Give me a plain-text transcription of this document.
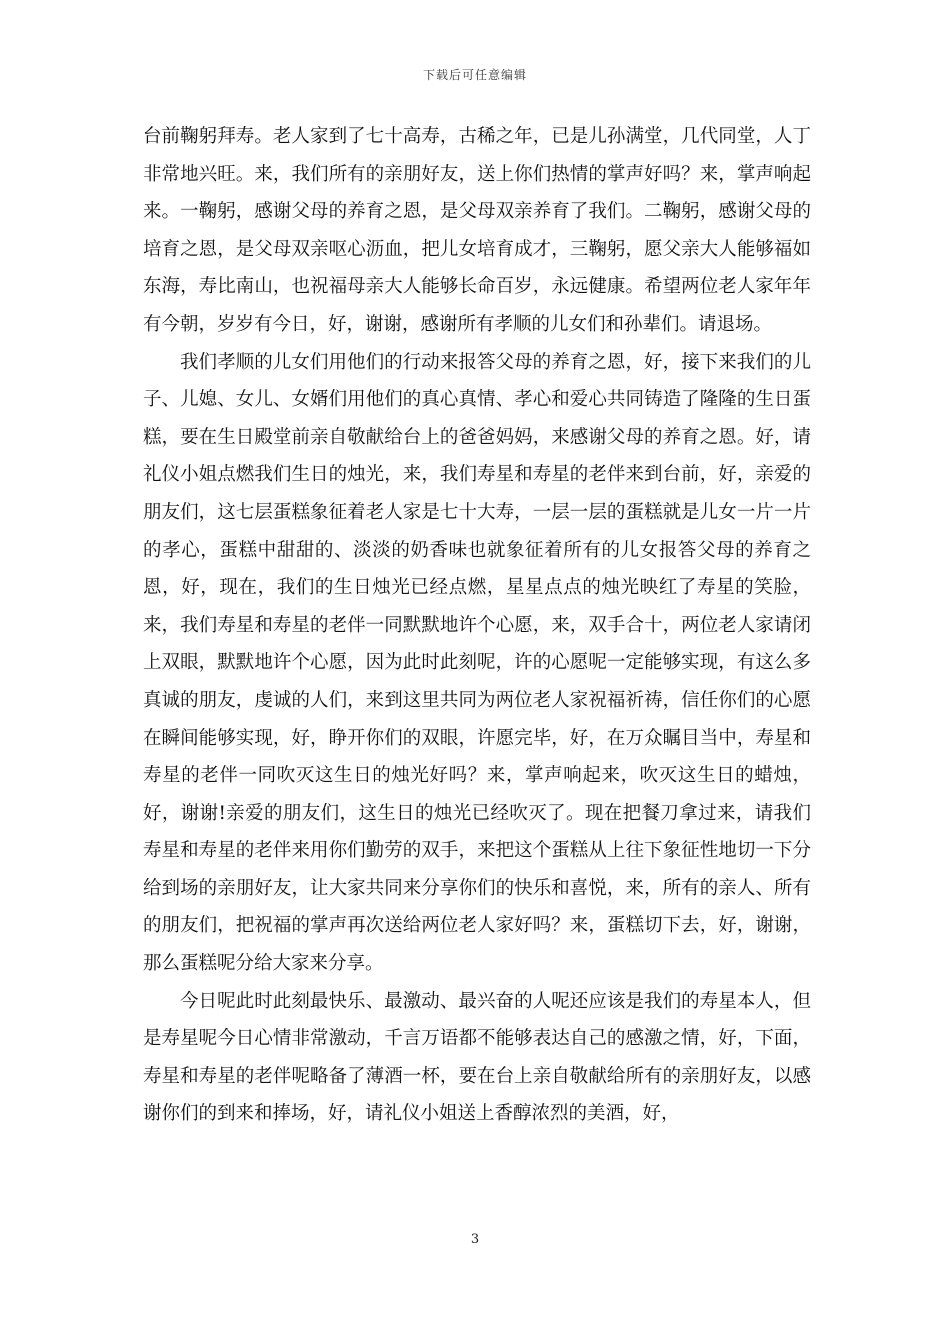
下载后可任意编辑

台前鞠躬拜寿。老人家到了七十高寿，古稀之年，已是儿孙满堂，几代同堂，人丁非常地兴旺。来，我们所有的亲朋好友，送上你们热情的掌声好吗？来，掌声响起来。一鞠躬，感谢父母的养育之恩，是父母双亲养育了我们。二鞠躬，感谢父母的培育之恩，是父母双亲呕心沥血，把儿女培育成才，三鞠躬，愿父亲大人能够福如东海，寿比南山，也祝福母亲大人能够长命百岁，永远健康。希望两位老人家年年有今朝，岁岁有今日，好，谢谢，感谢所有孝顺的儿女们和孙辈们。请退场。

我们孝顺的儿女们用他们的行动来报答父母的养育之恩，好，接下来我们的儿子、儿媳、女儿、女婿们用他们的真心真情、孝心和爱心共同铸造了隆隆的生日蛋糕，要在生日殿堂前亲自敬献给台上的爸爸妈妈，来感谢父母的养育之恩。好，请礼仪小姐点燃我们生日的烛光，来，我们寿星和寿星的老伴来到台前，好，亲爱的朋友们，这七层蛋糕象征着老人家是七十大寿，一层一层的蛋糕就是儿女一片一片的孝心，蛋糕中甜甜的、淡淡的奶香味也就象征着所有的儿女报答父母的养育之恩，好，现在，我们的生日烛光已经点燃，星星点点的烛光映红了寿星的笑脸，来，我们寿星和寿星的老伴一同默默地许个心愿，来，双手合十，两位老人家请闭上双眼，默默地许个心愿，因为此时此刻呢，许的心愿呢一定能够实现，有这么多真诚的朋友，虔诚的人们，来到这里共同为两位老人家祝福祈祷，信任你们的心愿在瞬间能够实现，好，睁开你们的双眼，许愿完毕，好，在万众瞩目当中，寿星和寿星的老伴一同吹灭这生日的烛光好吗？来，掌声响起来，吹灭这生日的蜡烛，好，谢谢!亲爱的朋友们，这生日的烛光已经吹灭了。现在把餐刀拿过来，请我们寿星和寿星的老伴来用你们勤劳的双手，来把这个蛋糕从上往下象征性地切一下分给到场的亲朋好友，让大家共同来分享你们的快乐和喜悦，来，所有的亲人、所有的朋友们，把祝福的掌声再次送给两位老人家好吗？来，蛋糕切下去，好，谢谢，那么蛋糕呢分给大家来分享。

今日呢此时此刻最快乐、最激动、最兴奋的人呢还应该是我们的寿星本人，但是寿星呢今日心情非常激动，千言万语都不能够表达自己的感激之情，好，下面，寿星和寿星的老伴呢略备了薄酒一杯，要在台上亲自敬献给所有的亲朋好友，以感谢你们的到来和捧场，好，请礼仪小姐送上香醇浓烈的美酒，好，

3
